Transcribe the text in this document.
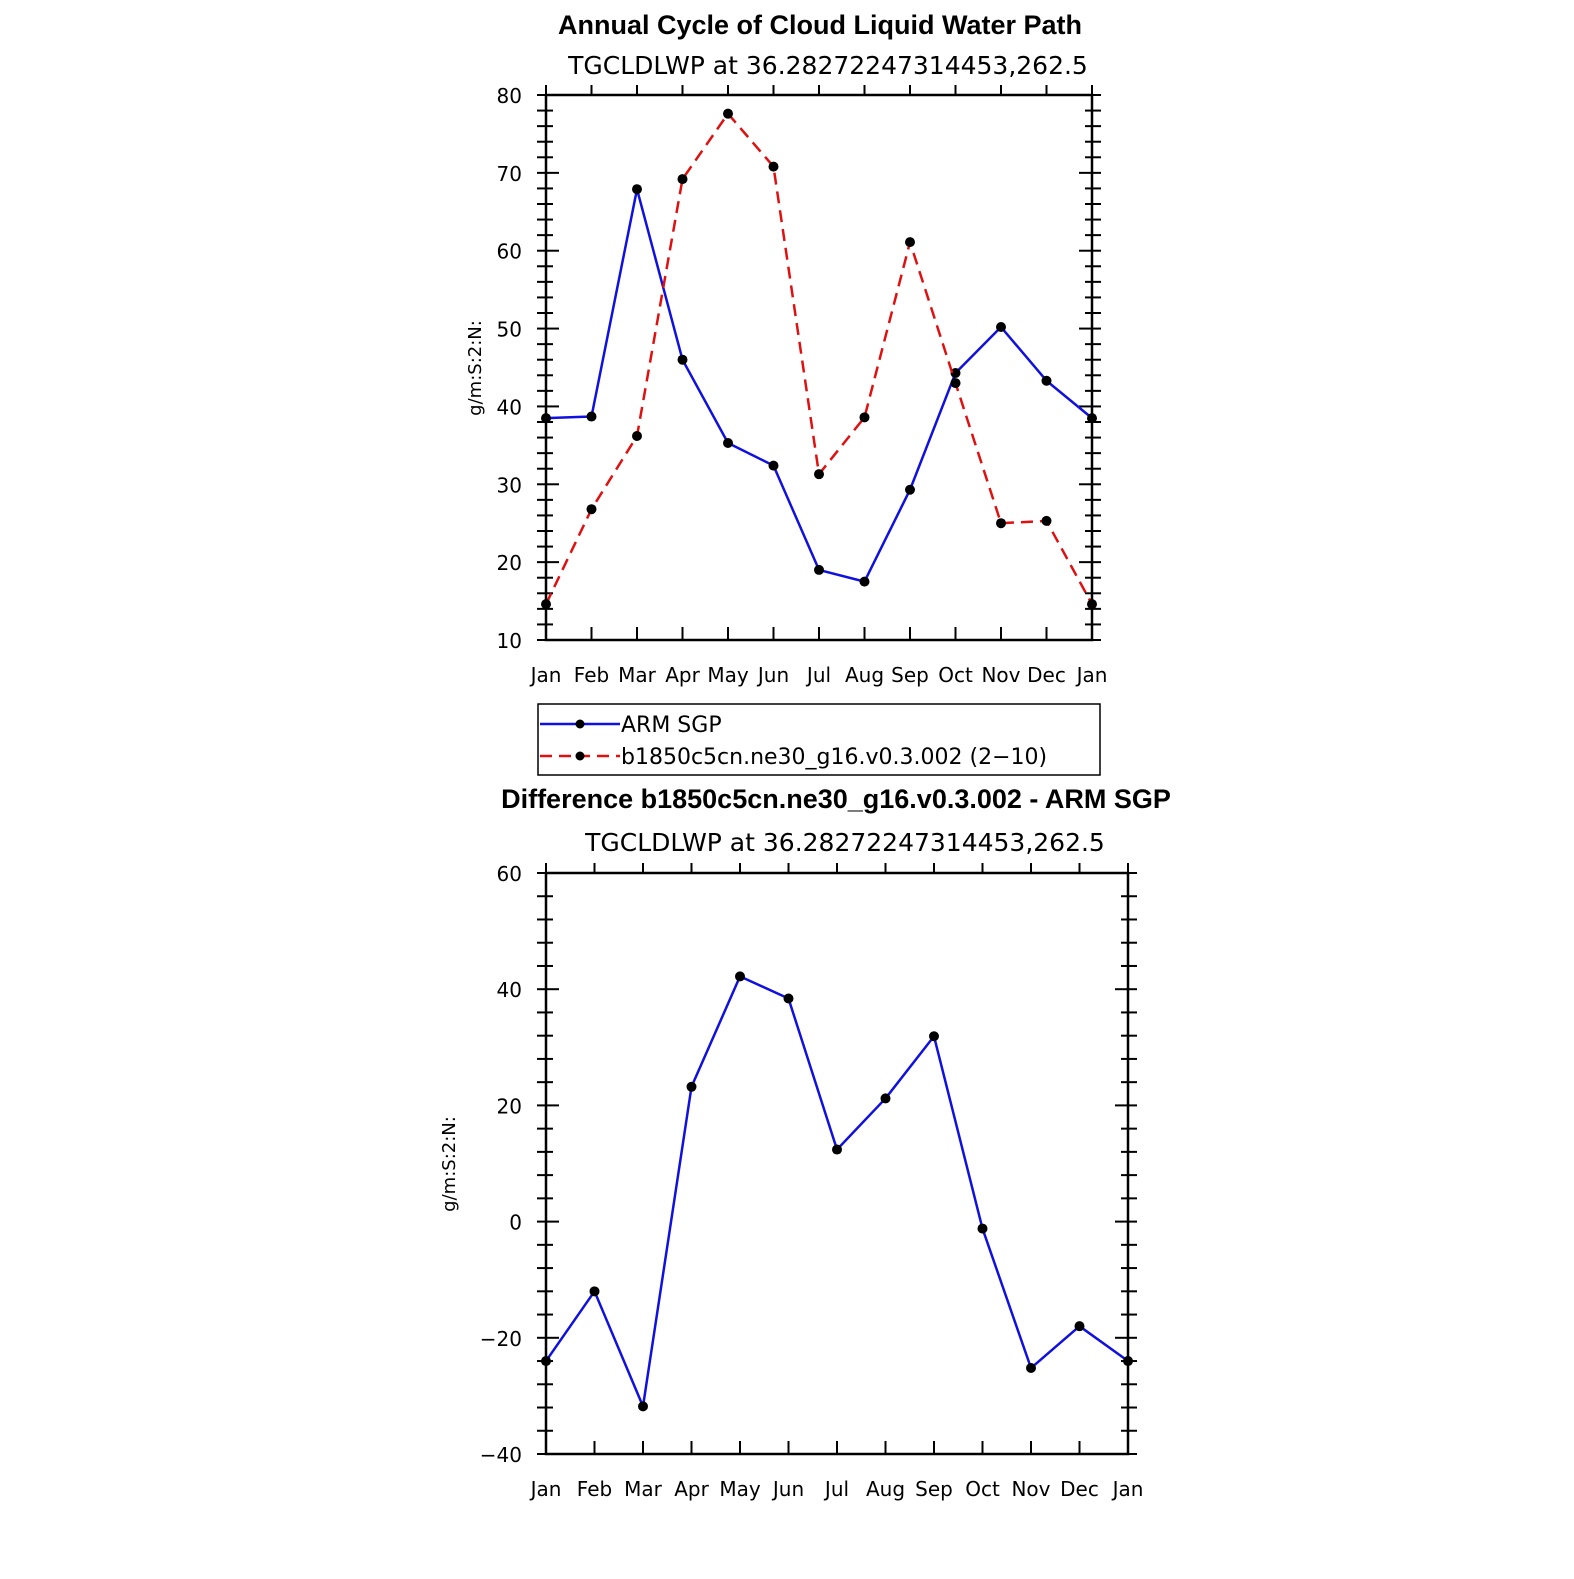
Annual Cycle of Cloud Liquid Water Path
TGCLDLWP at 36.28272247314453,262.5
g/m:S:2:N:
Jan Feb Mar Apr May Jun Jul Aug Sep Oct Nov Dec Jan
10
20
30
40
50
60
70
80
ARM SGP
b1850c5cn.ne30_g16.v0.3.002 (2−10)
Difference b1850c5cn.ne30_g16.v0.3.002 - ARM SGP
TGCLDLWP at 36.28272247314453,262.5
g/m:S:2:N:
Jan Feb Mar Apr May Jun Jul Aug Sep Oct Nov Dec Jan
−40
−20
0
20
40
60
